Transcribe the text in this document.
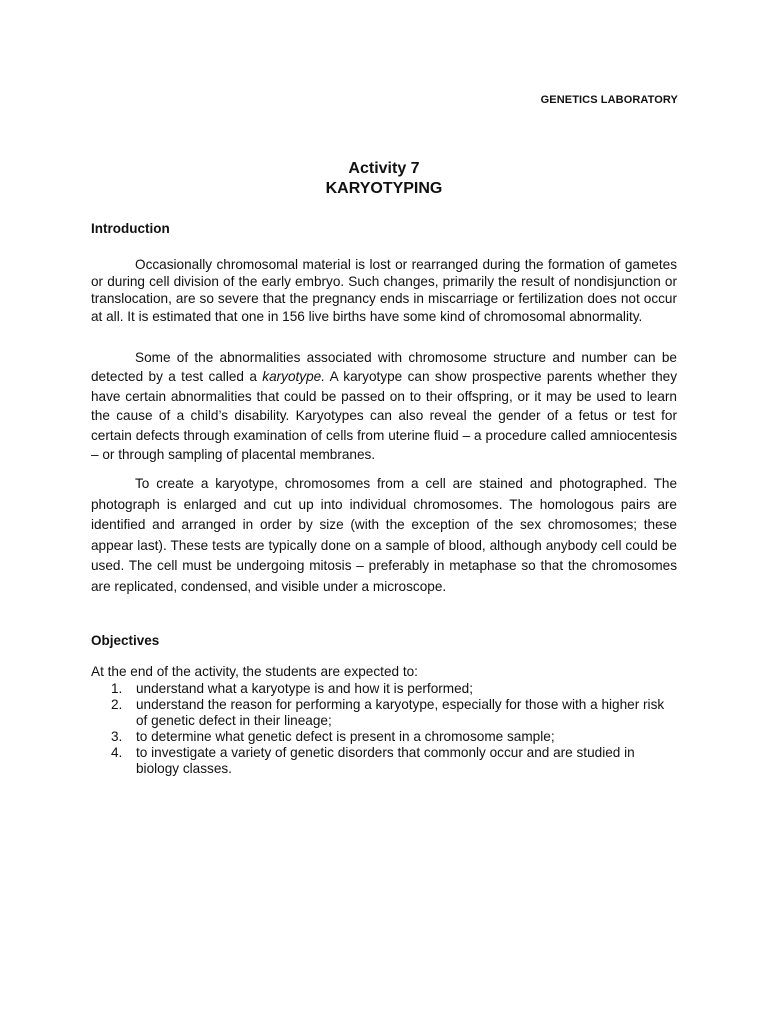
GENETICS LABORATORY
Activity 7
KARYOTYPING
Introduction

Occasionally chromosomal material is lost or rearranged during the formation of gametes or during cell division of the early embryo. Such changes, primarily the result of nondisjunction or translocation, are so severe that the pregnancy ends in miscarriage or fertilization does not occur at all. It is estimated that one in 156 live births have some kind of chromosomal abnormality.

Some of the abnormalities associated with chromosome structure and number can be detected by a test called a karyotype. A karyotype can show prospective parents whether they have certain abnormalities that could be passed on to their offspring, or it may be used to learn the cause of a child’s disability. Karyotypes can also reveal the gender of a fetus or test for certain defects through examination of cells from uterine fluid – a procedure called amniocentesis – or through sampling of placental membranes.

To create a karyotype, chromosomes from a cell are stained and photographed. The photograph is enlarged and cut up into individual chromosomes. The homologous pairs are identified and arranged in order by size (with the exception of the sex chromosomes; these appear last). These tests are typically done on a sample of blood, although anybody cell could be used. The cell must be undergoing mitosis – preferably in metaphase so that the chromosomes are replicated, condensed, and visible under a microscope.

Objectives
At the end of the activity, the students are expected to:
1. understand what a karyotype is and how it is performed;
2. understand the reason for performing a karyotype, especially for those with a higher risk of genetic defect in their lineage;
3. to determine what genetic defect is present in a chromosome sample;
4. to investigate a variety of genetic disorders that commonly occur and are studied in biology classes.
